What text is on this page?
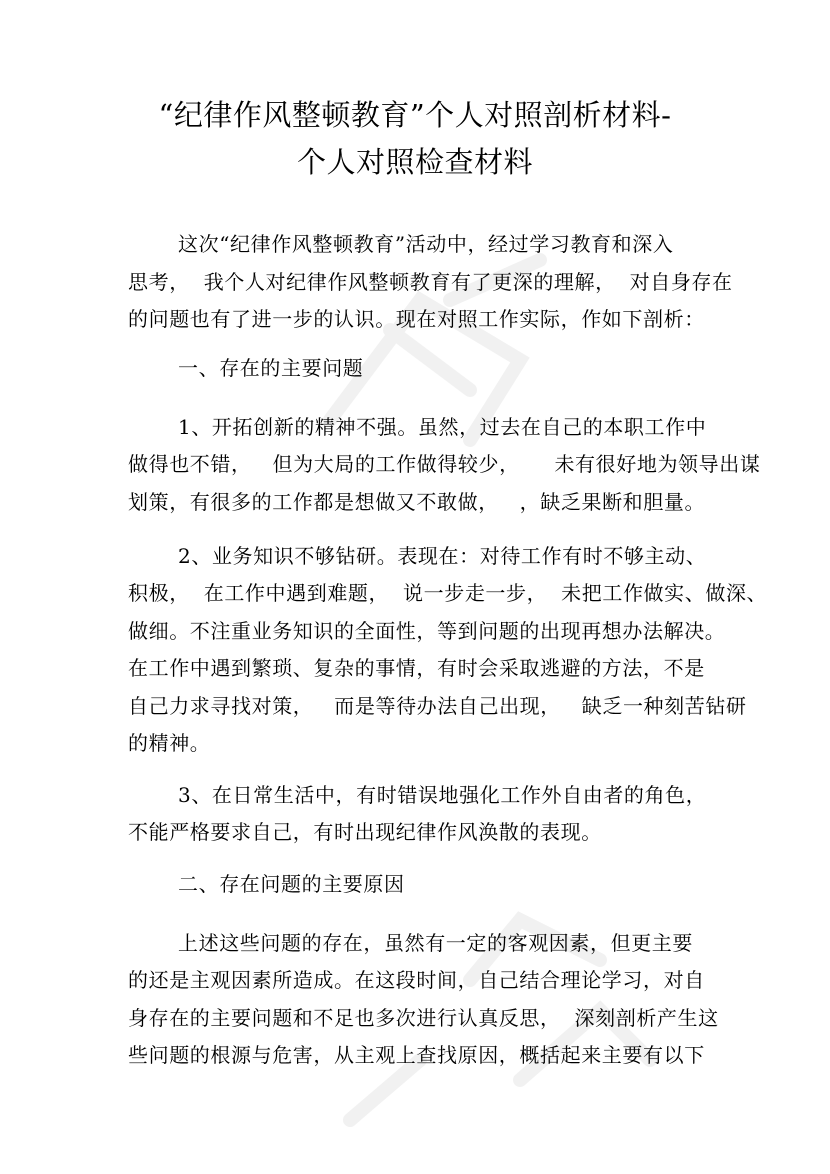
“纪律作风整顿教育”个人对照剖析材料-
个人对照检查材料
这次“纪律作风整顿教育”活动中，经过学习教育和深入
思考，  我个人对纪律作风整顿教育有了更深的理解，  对自身存在
的问题也有了进一步的认识。现在对照工作实际，作如下剖析：
一、存在的主要问题
1、开拓创新的精神不强。虽然，过去在自己的本职工作中
做得也不错，   但为大局的工作做得较少，     未有很好地为领导出谋
划策，有很多的工作都是想做又不敢做，   ，缺乏果断和胆量。
2、业务知识不够钻研。表现在：对待工作有时不够主动、
积极，  在工作中遇到难题，  说一步走一步，  未把工作做实、做深、
做细。不注重业务知识的全面性，等到问题的出现再想办法解决。
在工作中遇到繁琐、复杂的事情，有时会采取逃避的方法，不是
自己力求寻找对策，   而是等待办法自己出现，   缺乏一种刻苦钻研
的精神。
3、在日常生活中，有时错误地强化工作外自由者的角色，
不能严格要求自己，有时出现纪律作风涣散的表现。
二、存在问题的主要原因
上述这些问题的存在，虽然有一定的客观因素，但更主要
的还是主观因素所造成。在这段时间，自己结合理论学习，对自
身存在的主要问题和不足也多次进行认真反思，  深刻剖析产生这
些问题的根源与危害，从主观上查找原因，概括起来主要有以下
